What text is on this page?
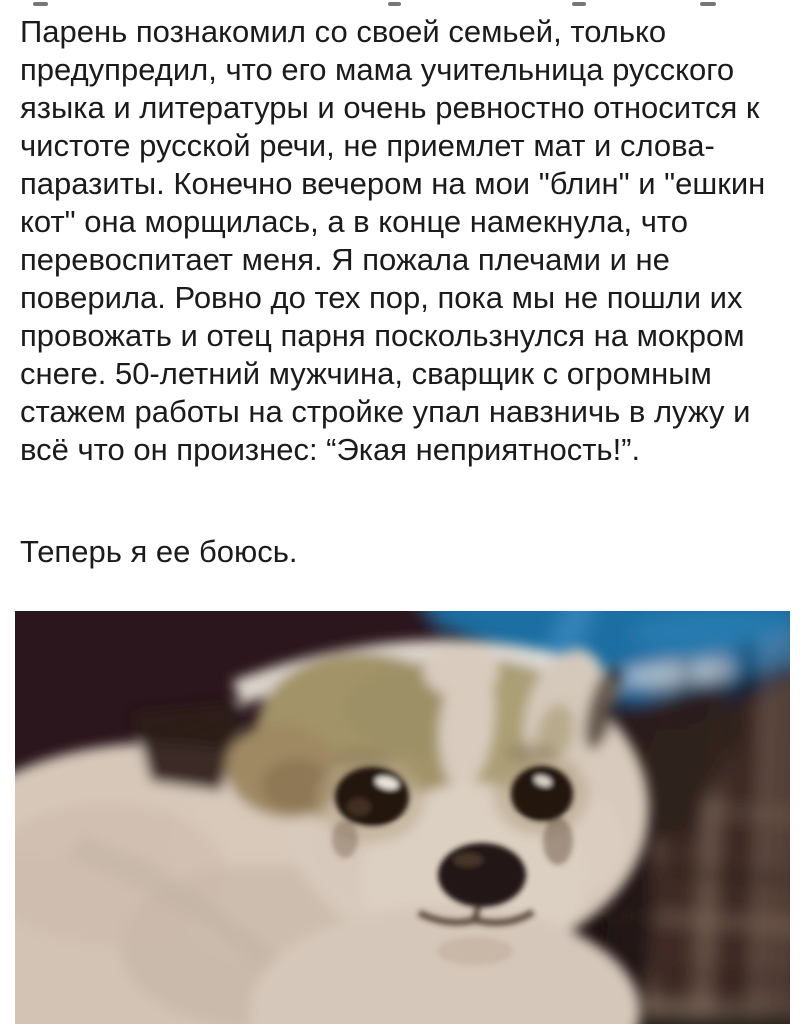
Парень познакомил со своей семьей, только предупредил, что его мама учительница русского языка и литературы и очень ревностно относится к чистоте русской речи, не приемлет мат и слова-паразиты. Конечно вечером на мои "блин" и "ешкин кот" она морщилась, а в конце намекнула, что перевоспитает меня. Я пожала плечами и не поверила. Ровно до тех пор, пока мы не пошли их провожать и отец парня поскользнулся на мокром снеге. 50-летний мужчина, сварщик с огромным стажем работы на стройке упал навзничь в лужу и всё что он произнес: “Экая неприятность!”.

Теперь я ее боюсь.
